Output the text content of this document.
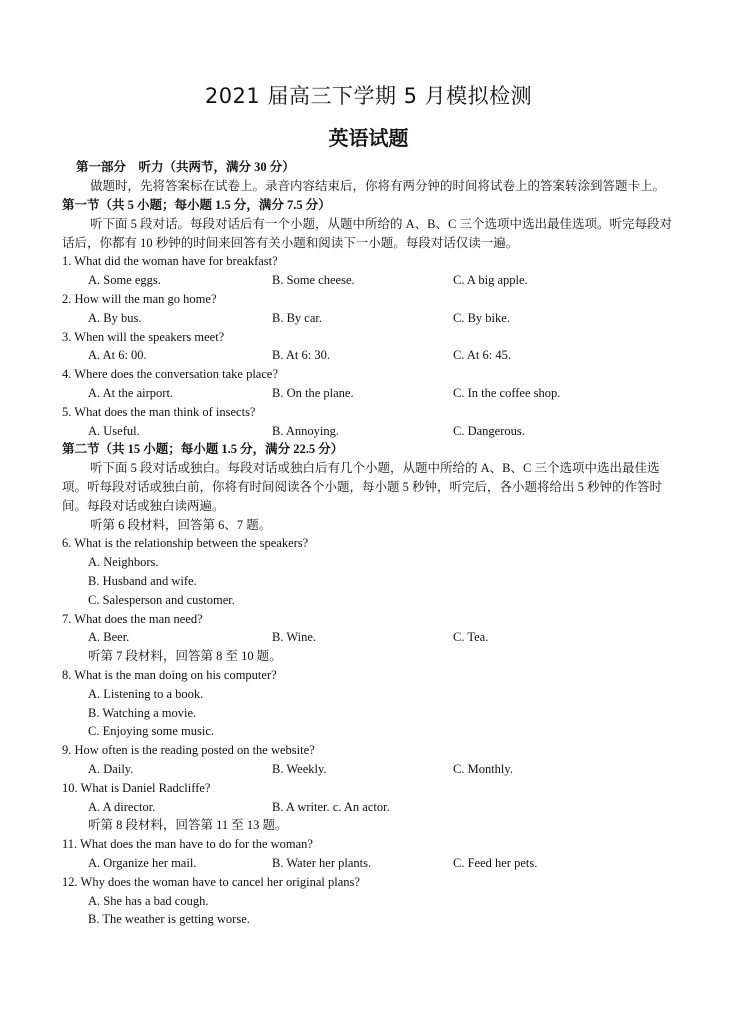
2021 届高三下学期 5 月模拟检测
英语试题
第一部分　听力（共两节，满分 30 分）
做题时，先将答案标在试卷上。录音内容结束后，你将有两分钟的时间将试卷上的答案转涂到答题卡上。
第一节（共 5 小题；每小题 1.5 分，满分 7.5 分）
听下面 5 段对话。每段对话后有一个小题，从题中所给的 A、B、C 三个选项中选出最佳选项。听完每段对话后，你都有 10 秒钟的时间来回答有关小题和阅读下一小题。每段对话仅读一遍。
1. What did the woman have for breakfast?
A. Some eggs.	B. Some cheese.	C. A big apple.
2. How will the man go home?
A. By bus.	B. By car.	C. By bike.
3. When will the speakers meet?
A. At 6: 00.	B. At 6: 30.	C. At 6: 45.
4. Where does the conversation take place?
A. At the airport.	B. On the plane.	C. In the coffee shop.
5. What does the man think of insects?
A. Useful.	B. Annoying.	C. Dangerous.
第二节（共 15 小题；每小题 1.5 分，满分 22.5 分）
听下面 5 段对话或独白。每段对话或独白后有几个小题，从题中所给的 A、B、C 三个选项中选出最佳选项。听每段对话或独白前，你将有时间阅读各个小题，每小题 5 秒钟，听完后，各小题将给出 5 秒钟的作答时间。每段对话或独白读两遍。
听第 6 段材料，回答第 6、7 题。
6. What is the relationship between the speakers?
A. Neighbors.
B. Husband and wife.
C. Salesperson and customer.
7. What does the man need?
A. Beer.	B. Wine.	C. Tea.
听第 7 段材料，回答第 8 至 10 题。
8. What is the man doing on his computer?
A. Listening to a book.
B. Watching a movie.
C. Enjoying some music.
9. How often is the reading posted on the website?
A. Daily.	B. Weekly.	C. Monthly.
10. What is Daniel Radcliffe?
A. A director.	B. A writer. c. An actor.
听第 8 段材料，回答第 11 至 13 题。
11. What does the man have to do for the woman?
A. Organize her mail.	B. Water her plants.	C. Feed her pets.
12. Why does the woman have to cancel her original plans?
A. She has a bad cough.
B. The weather is getting worse.
